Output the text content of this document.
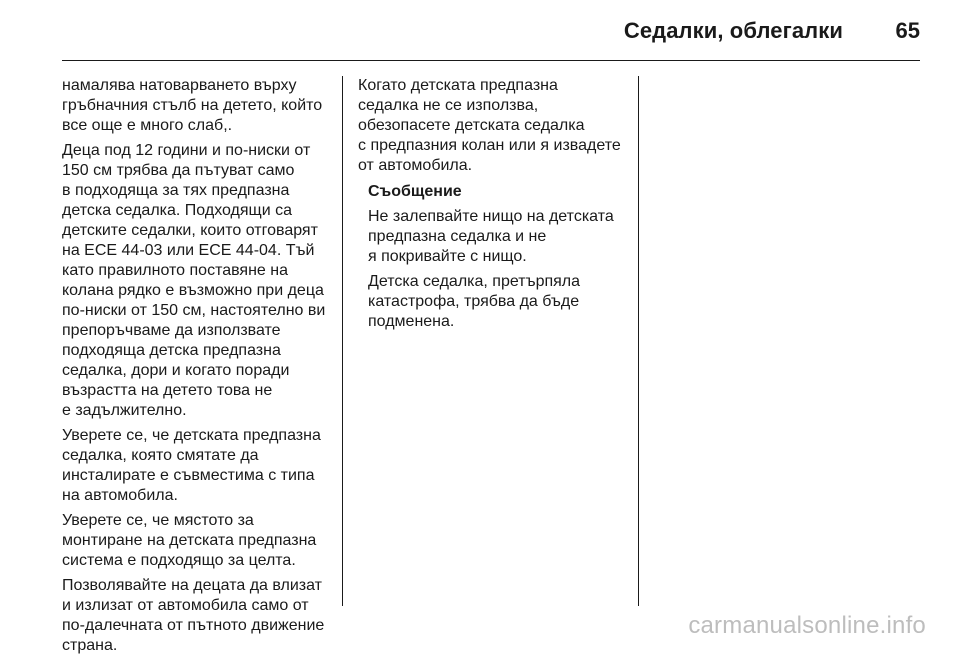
Седалки, облегалки 65

намалява натоварването върху
гръбначния стълб на детето, който
все още е много слаб,.

Деца под 12 години и по-ниски от
150 см трябва да пътуват само
в подходяща за тях предпазна
детска седалка. Подходящи са
детските седалки, които отговарят
на ECE 44-03 или ECE 44-04. Тъй
като правилното поставяне на
колана рядко е възможно при деца
по-ниски от 150 см, настоятелно ви
препоръчваме да използвате
подходяща детска предпазна
седалка, дори и когато поради
възрастта на детето това не
е задължително.

Уверете се, че детската предпазна
седалка, която смятате да
инсталирате е съвместима с типа
на автомобила.

Уверете се, че мястото за
монтиране на детската предпазна
система е подходящо за целта.

Позволявайте на децата да влизат
и излизат от автомобила само от
по-далечната от пътното движение
страна.

Когато детската предпазна
седалка не се използва,
обезопасете детската седалка
с предпазния колан или я извадете
от автомобила.

Съобщение

Не залепвайте нищо на детската
предпазна седалка и не
я покривайте с нищо.

Детска седалка, претърпяла
катастрофа, трябва да бъде
подменена.

carmanualsonline.info
